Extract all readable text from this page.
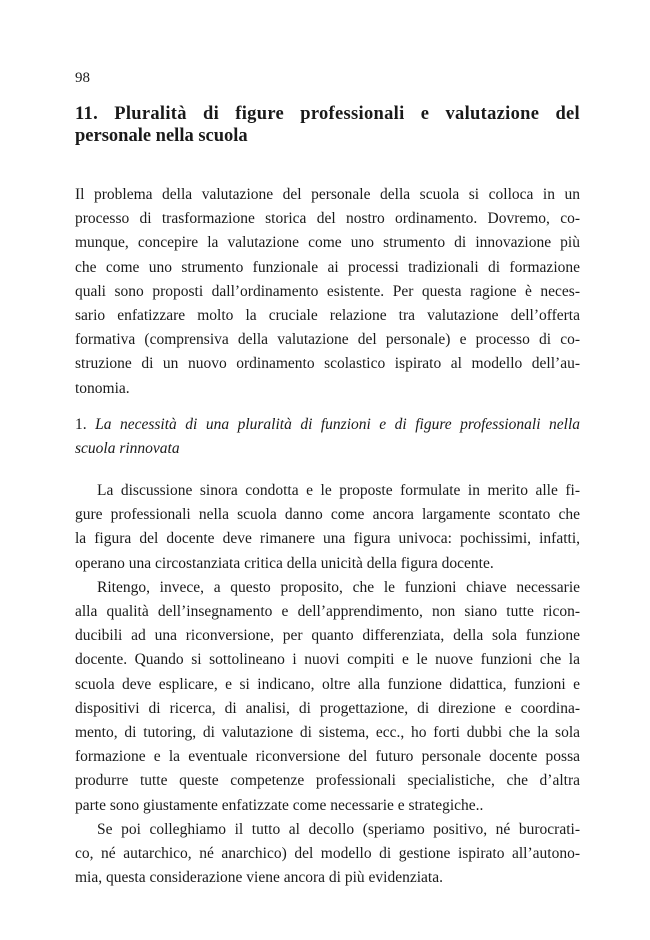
98
11. Pluralità di figure professionali e valutazione del
personale nella scuola
Il problema della valutazione del personale della scuola si colloca in un
processo di trasformazione storica del nostro ordinamento. Dovremo, co-
munque, concepire la valutazione come uno strumento di innovazione più
che come uno strumento funzionale ai processi tradizionali di formazione
quali sono proposti dall’ordinamento esistente. Per questa ragione è neces-
sario enfatizzare molto la cruciale relazione tra valutazione dell’offerta
formativa (comprensiva della valutazione del personale) e processo di co-
struzione di un nuovo ordinamento scolastico ispirato al modello dell’au-
tonomia.
1. La necessità di una pluralità di funzioni e di figure professionali nella
scuola rinnovata
La discussione sinora condotta e le proposte formulate in merito alle fi-
gure professionali nella scuola danno come ancora largamente scontato che
la figura del docente deve rimanere una figura univoca: pochissimi, infatti,
operano una circostanziata critica della unicità della figura docente.
Ritengo, invece, a questo proposito, che le funzioni chiave necessarie
alla qualità dell’insegnamento e dell’apprendimento, non siano tutte ricon-
ducibili ad una riconversione, per quanto differenziata, della sola funzione
docente. Quando si sottolineano i nuovi compiti e le nuove funzioni che la
scuola deve esplicare, e si indicano, oltre alla funzione didattica, funzioni e
dispositivi di ricerca, di analisi, di progettazione, di direzione e coordina-
mento, di tutoring, di valutazione di sistema, ecc., ho forti dubbi che la sola
formazione e la eventuale riconversione del futuro personale docente possa
produrre tutte queste competenze professionali specialistiche, che d’altra
parte sono giustamente enfatizzate come necessarie e strategiche..
Se poi colleghiamo il tutto al decollo (speriamo positivo, né burocrati-
co, né autarchico, né anarchico) del modello di gestione ispirato all’autono-
mia, questa considerazione viene ancora di più evidenziata.
